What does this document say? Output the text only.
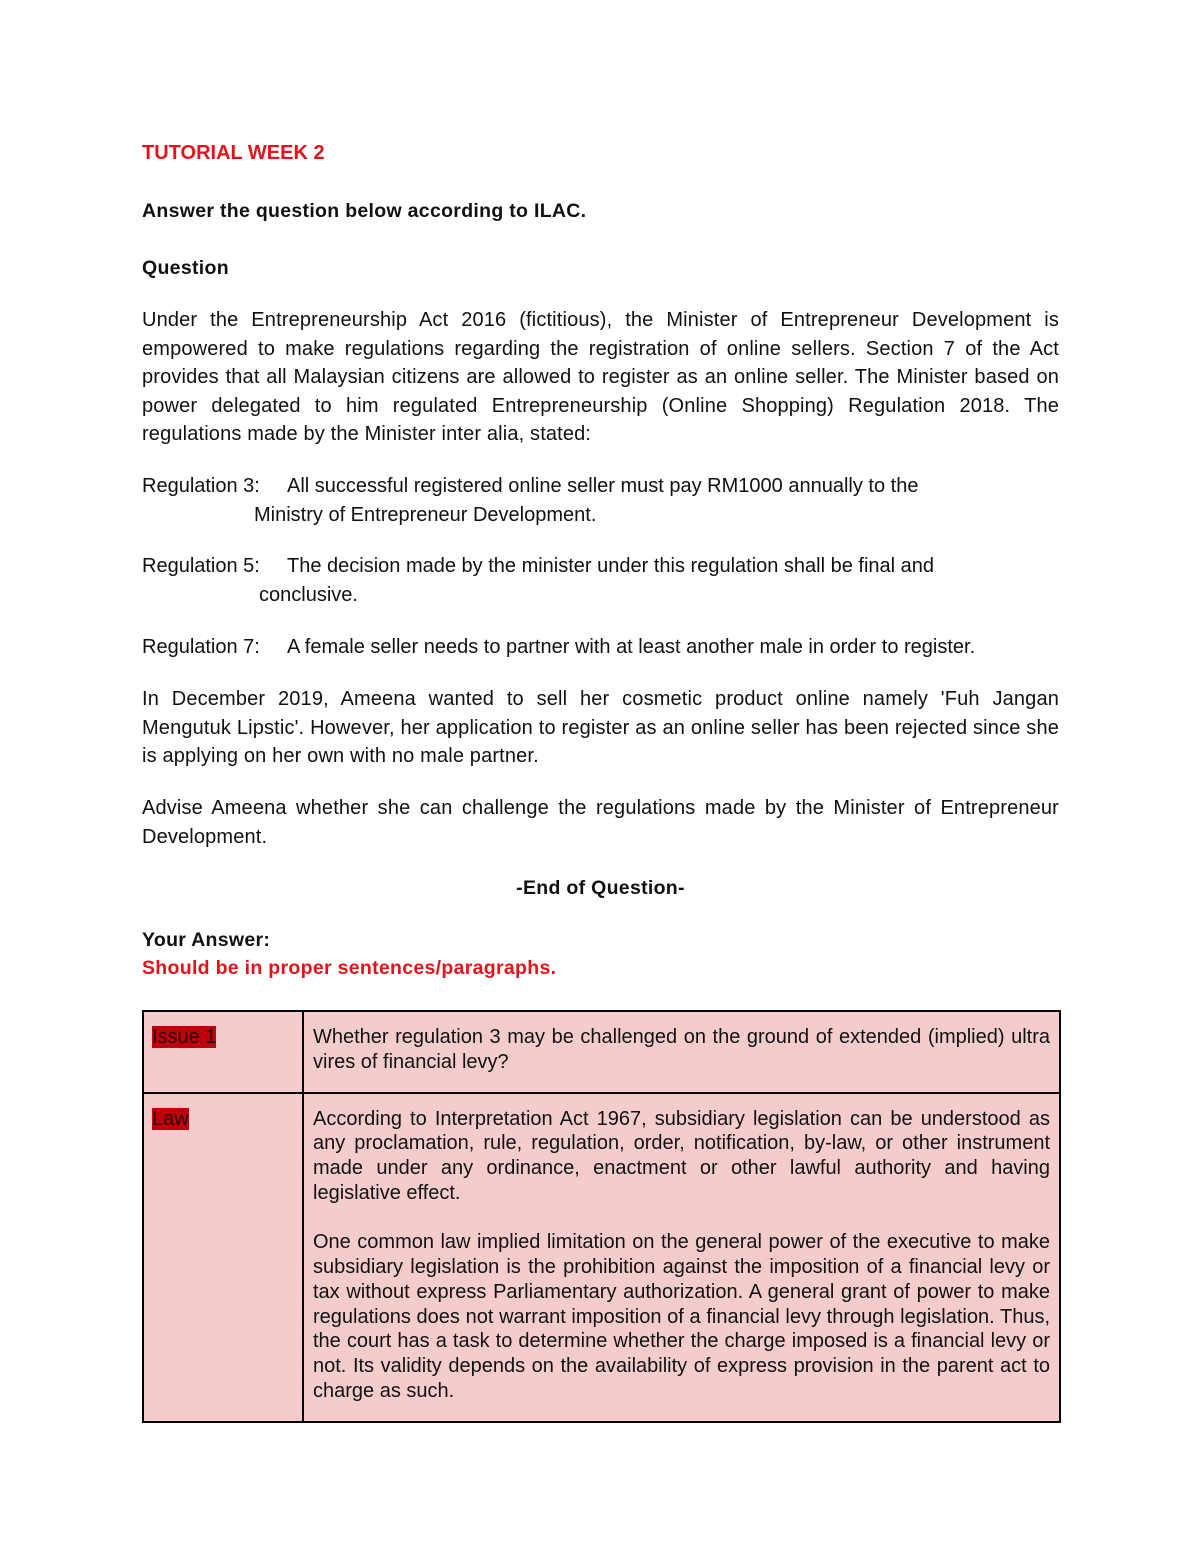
TUTORIAL WEEK 2
Answer the question below according to ILAC.
Question
Under the Entrepreneurship Act 2016 (fictitious), the Minister of Entrepreneur Development is empowered to make regulations regarding the registration of online sellers. Section 7 of the Act provides that all Malaysian citizens are allowed to register as an online seller. The Minister based on power delegated to him regulated Entrepreneurship (Online Shopping) Regulation 2018. The regulations made by the Minister inter alia, stated:
Regulation 3: All successful registered online seller must pay RM1000 annually to the
Ministry of Entrepreneur Development.
Regulation 5: The decision made by the minister under this regulation shall be final and
conclusive.
Regulation 7: A female seller needs to partner with at least another male in order to register.
In December 2019, Ameena wanted to sell her cosmetic product online namely 'Fuh Jangan Mengutuk Lipstic'. However, her application to register as an online seller has been rejected since she is applying on her own with no male partner.
Advise Ameena whether she can challenge the regulations made by the Minister of Entrepreneur Development.
-End of Question-
Your Answer:
Should be in proper sentences/paragraphs.
Issue 1	Whether regulation 3 may be challenged on the ground of extended (implied) ultra vires of financial levy?

Law	According to Interpretation Act 1967, subsidiary legislation can be understood as any proclamation, rule, regulation, order, notification, by-law, or other instrument made under any ordinance, enactment or other lawful authority and having legislative effect.
One common law implied limitation on the general power of the executive to make subsidiary legislation is the prohibition against the imposition of a financial levy or tax without express Parliamentary authorization. A general grant of power to make regulations does not warrant imposition of a financial levy through legislation. Thus, the court has a task to determine whether the charge imposed is a financial levy or not. Its validity depends on the availability of express provision in the parent act to charge as such.
